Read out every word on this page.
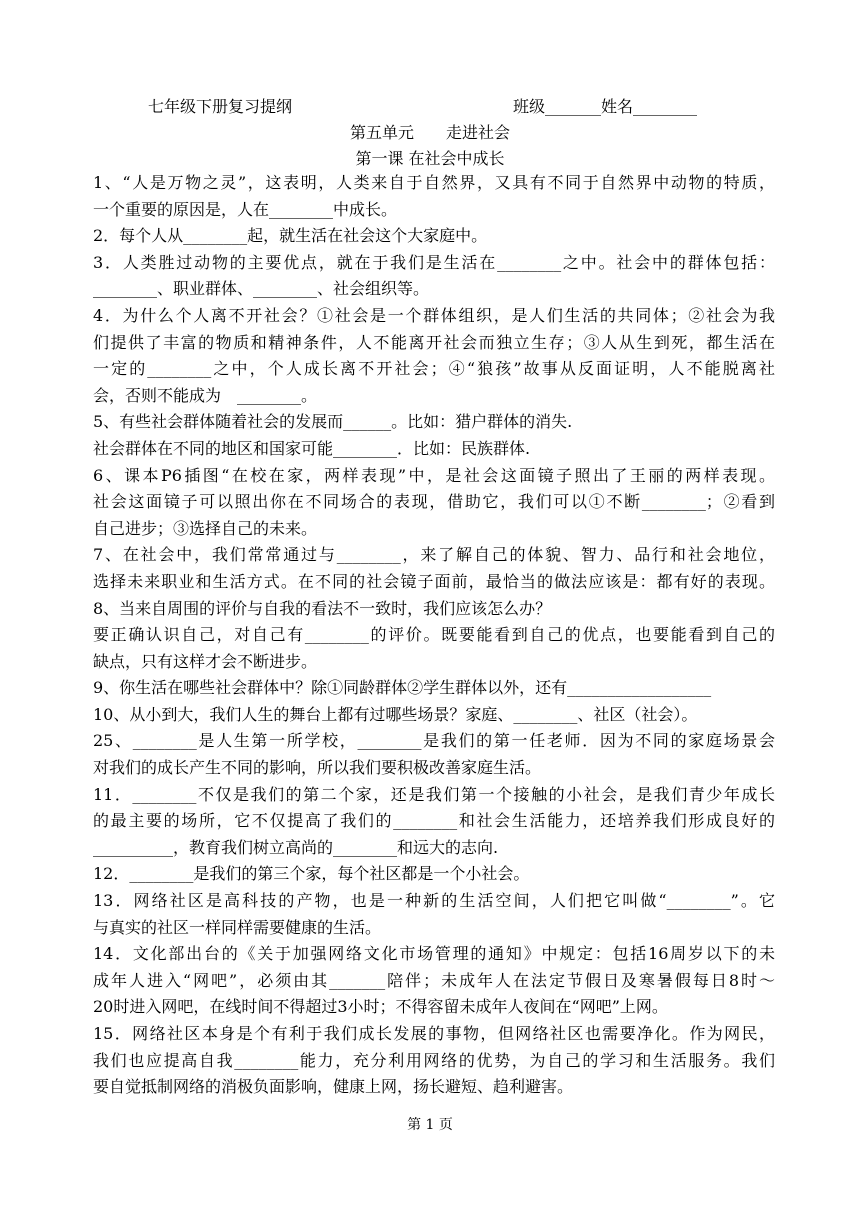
七年级下册复习提纲	班级_______姓名________
第五单元　　走进社会
第一课 在社会中成长
1、“人是万物之灵”，这表明，人类来自于自然界，又具有不同于自然界中动物的特质，
一个重要的原因是，人在________中成长。
2．每个人从________起，就生活在社会这个大家庭中。
3．人类胜过动物的主要优点，就在于我们是生活在________之中。社会中的群体包括：
________、职业群体、________、社会组织等。
4．为什么个人离不开社会？①社会是一个群体组织，是人们生活的共同体；②社会为我
们提供了丰富的物质和精神条件，人不能离开社会而独立生存；③人从生到死，都生活在
一定的________之中，个人成长离不开社会；④“狼孩”故事从反面证明，人不能脱离社
会，否则不能成为　________。
5、有些社会群体随着社会的发展而______。比如：猎户群体的消失.
社会群体在不同的地区和国家可能________．比如：民族群体.
6、课本P6插图“在校在家，两样表现”中，是社会这面镜子照出了王丽的两样表现。
社会这面镜子可以照出你在不同场合的表现，借助它，我们可以①不断________；②看到
自己进步；③选择自己的未来。
7、在社会中，我们常常通过与________，来了解自己的体貌、智力、品行和社会地位，
选择未来职业和生活方式。在不同的社会镜子面前，最恰当的做法应该是：都有好的表现。
8、当来自周围的评价与自我的看法不一致时，我们应该怎么办？
要正确认识自己，对自己有________的评价。既要能看到自己的优点，也要能看到自己的
缺点，只有这样才会不断进步。
9、你生活在哪些社会群体中？除①同龄群体②学生群体以外，还有__________________
10、从小到大，我们人生的舞台上都有过哪些场景？家庭、________、社区（社会）。
25、________是人生第一所学校，________是我们的第一任老师．因为不同的家庭场景会
对我们的成长产生不同的影响，所以我们要积极改善家庭生活。
11．________不仅是我们的第二个家，还是我们第一个接触的小社会，是我们青少年成长
的最主要的场所，它不仅提高了我们的________和社会生活能力，还培养我们形成良好的
__________，教育我们树立高尚的________和远大的志向.
12．________是我们的第三个家，每个社区都是一个小社会。
13．网络社区是高科技的产物，也是一种新的生活空间，人们把它叫做“________”。它
与真实的社区一样同样需要健康的生活。
14．文化部出台的《关于加强网络文化市场管理的通知》中规定：包括16周岁以下的未
成年人进入“网吧”，必须由其_______陪伴；未成年人在法定节假日及寒暑假每日8时～
20时进入网吧，在线时间不得超过3小时；不得容留未成年人夜间在“网吧”上网。
15．网络社区本身是个有利于我们成长发展的事物，但网络社区也需要净化。作为网民，
我们也应提高自我________能力，充分利用网络的优势，为自己的学习和生活服务。我们
要自觉抵制网络的消极负面影响，健康上网，扬长避短、趋利避害。
第 1 页
